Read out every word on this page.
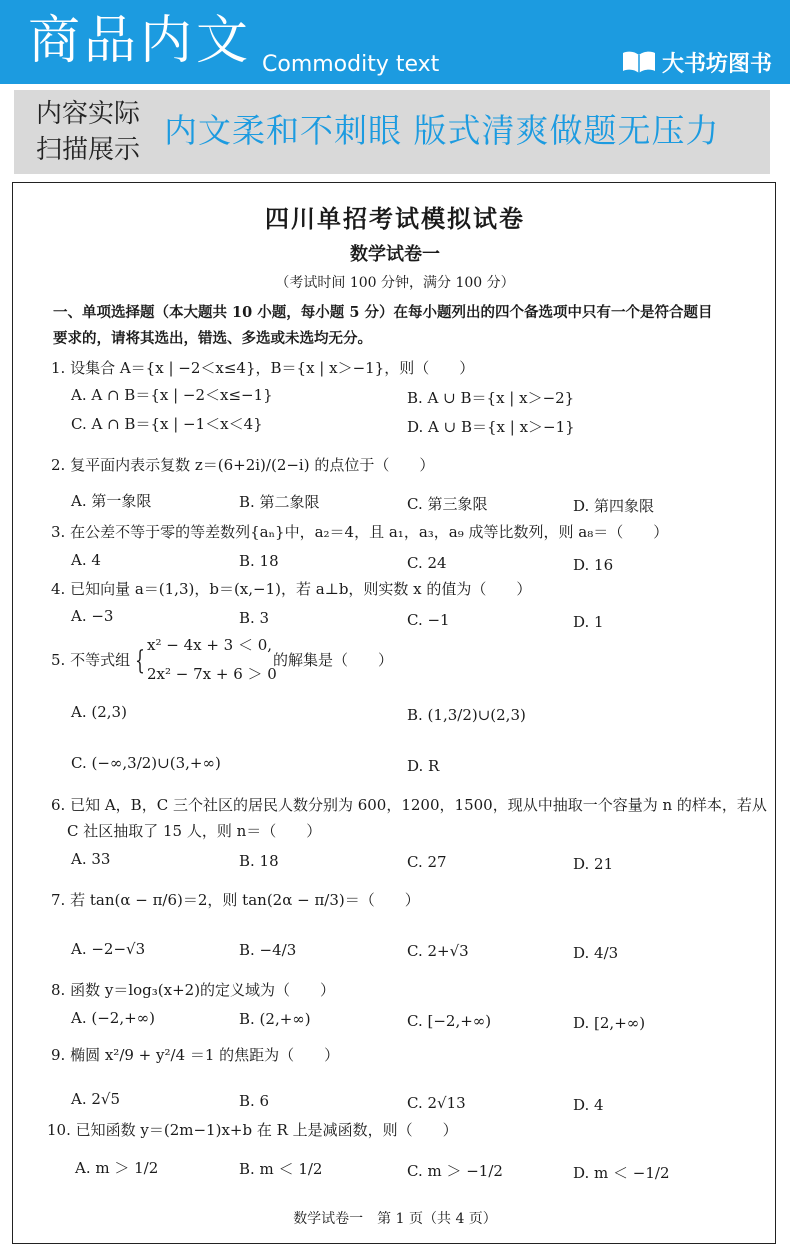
商品内文 Commodity text	大书坊图书
内容实际
扫描展示 内文柔和不刺眼 版式清爽做题无压力
四川单招考试模拟试卷
数学试卷一
（考试时间 100 分钟，满分 100 分）
一、单项选择题（本大题共 10 小题，每小题 5 分）在每小题列出的四个备选项中只有一个是符合题目
要求的，请将其选出，错选、多选或未选均无分。
1. 设集合 A＝{x | −2＜x≤4}，B＝{x | x＞−1}，则（　　）
A. A ∩ B＝{x | −2＜x≤−1}	B. A ∪ B＝{x | x＞−2}
C. A ∩ B＝{x | −1＜x＜4}	D. A ∪ B＝{x | x＞−1}
2. 复平面内表示复数 z＝(6+2i)/(2−i) 的点位于（　　）
A. 第一象限	B. 第二象限	C. 第三象限	D. 第四象限
3. 在公差不等于零的等差数列{aₙ}中，a₂＝4，且 a₁，a₃，a₉ 成等比数列，则 a₈＝（　　）
A. 4	B. 18	C. 24	D. 16
4. 已知向量 a＝(1,3)，b＝(x,−1)，若 a⊥b，则实数 x 的值为（　　）
A. −3	B. 3	C. −1	D. 1
5. 不等式组 {
x² − 4x + 3 ＜ 0,
2x² − 7x + 6 ＞ 0
的解集是（　　）
A. (2,3)	B. (1,3/2)∪(2,3)
C. (−∞,3/2)∪(3,+∞)	D. R
6. 已知 A，B，C 三个社区的居民人数分别为 600，1200，1500，现从中抽取一个容量为 n 的样本，若从
C 社区抽取了 15 人，则 n＝（　　）
A. 33	B. 18	C. 27	D. 21
7. 若 tan(α − π/6)＝2，则 tan(2α − π/3)＝（　　）
A. −2−√3	B. −4/3	C. 2+√3	D. 4/3
8. 函数 y＝log₃(x+2)的定义域为（　　）
A. (−2,+∞)	B. (2,+∞)	C. [−2,+∞)	D. [2,+∞)
9. 椭圆 x²/9 + y²/4 ＝1 的焦距为（　　）
A. 2√5	B. 6	C. 2√13	D. 4
10. 已知函数 y＝(2m−1)x+b 在 R 上是减函数，则（　　）
A. m ＞ 1/2	B. m ＜ 1/2	C. m ＞ −1/2	D. m ＜ −1/2
数学试卷一　第 1 页（共 4 页）
